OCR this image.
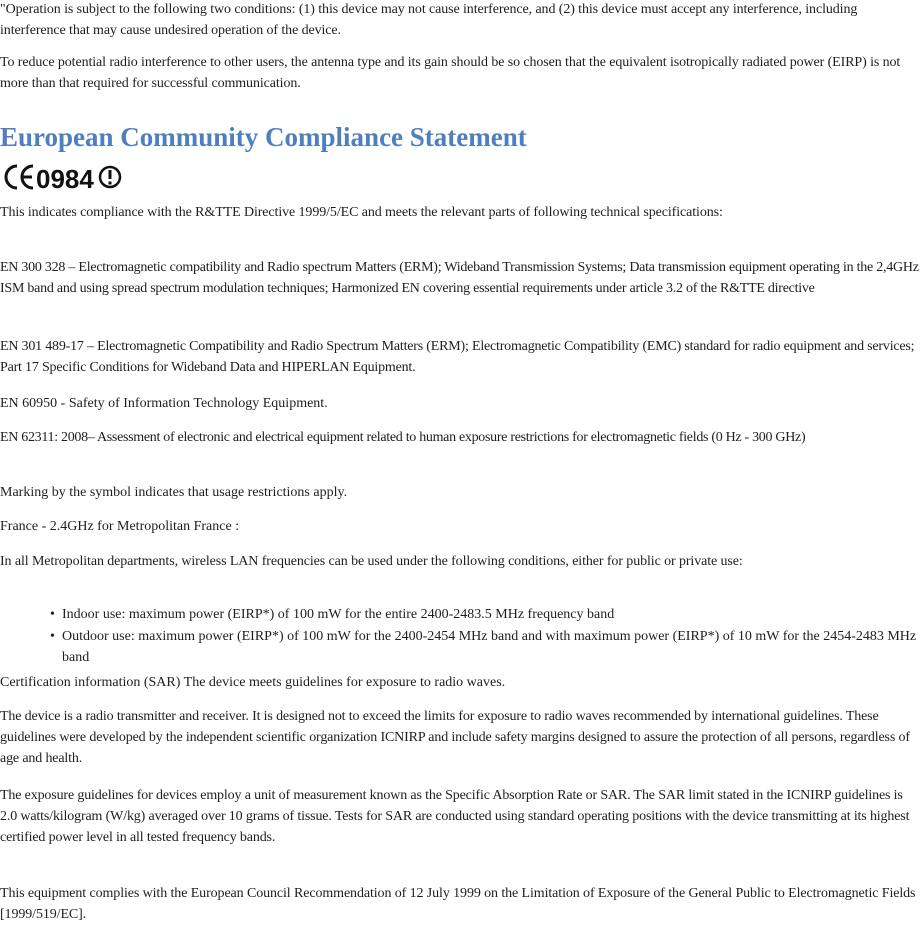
"Operation is subject to the following two conditions: (1) this device may not cause interference, and (2) this device must accept any interference, including interference that may cause undesired operation of the device.

To reduce potential radio interference to other users, the antenna type and its gain should be so chosen that the equivalent isotropically radiated power (EIRP) is not more than that required for successful communication.

European Community Compliance Statement
0984

This indicates compliance with the R&TTE Directive 1999/5/EC and meets the relevant parts of following technical specifications:

EN 300 328 – Electromagnetic compatibility and Radio spectrum Matters (ERM); Wideband Transmission Systems; Data transmission equipment operating in the 2,4GHz ISM band and using spread spectrum modulation techniques; Harmonized EN covering essential requirements under article 3.2 of the R&TTE directive

EN 301 489-17 – Electromagnetic Compatibility and Radio Spectrum Matters (ERM); Electromagnetic Compatibility (EMC) standard for radio equipment and services; Part 17 Specific Conditions for Wideband Data and HIPERLAN Equipment.

EN 60950 - Safety of Information Technology Equipment.

EN 62311: 2008– Assessment of electronic and electrical equipment related to human exposure restrictions for electromagnetic fields (0 Hz - 300 GHz)

Marking by the symbol indicates that usage restrictions apply.

France - 2.4GHz for Metropolitan France :

In all Metropolitan departments, wireless LAN frequencies can be used under the following conditions, either for public or private use:

• Indoor use: maximum power (EIRP*) of 100 mW for the entire 2400-2483.5 MHz frequency band
• Outdoor use: maximum power (EIRP*) of 100 mW for the 2400-2454 MHz band and with maximum power (EIRP*) of 10 mW for the 2454-2483 MHz band

Certification information (SAR) The device meets guidelines for exposure to radio waves.

The device is a radio transmitter and receiver. It is designed not to exceed the limits for exposure to radio waves recommended by international guidelines. These guidelines were developed by the independent scientific organization ICNIRP and include safety margins designed to assure the protection of all persons, regardless of age and health.

The exposure guidelines for devices employ a unit of measurement known as the Specific Absorption Rate or SAR. The SAR limit stated in the ICNIRP guidelines is 2.0 watts/kilogram (W/kg) averaged over 10 grams of tissue. Tests for SAR are conducted using standard operating positions with the device transmitting at its highest certified power level in all tested frequency bands.

This equipment complies with the European Council Recommendation of 12 July 1999 on the Limitation of Exposure of the General Public to Electromagnetic Fields [1999/519/EC].
